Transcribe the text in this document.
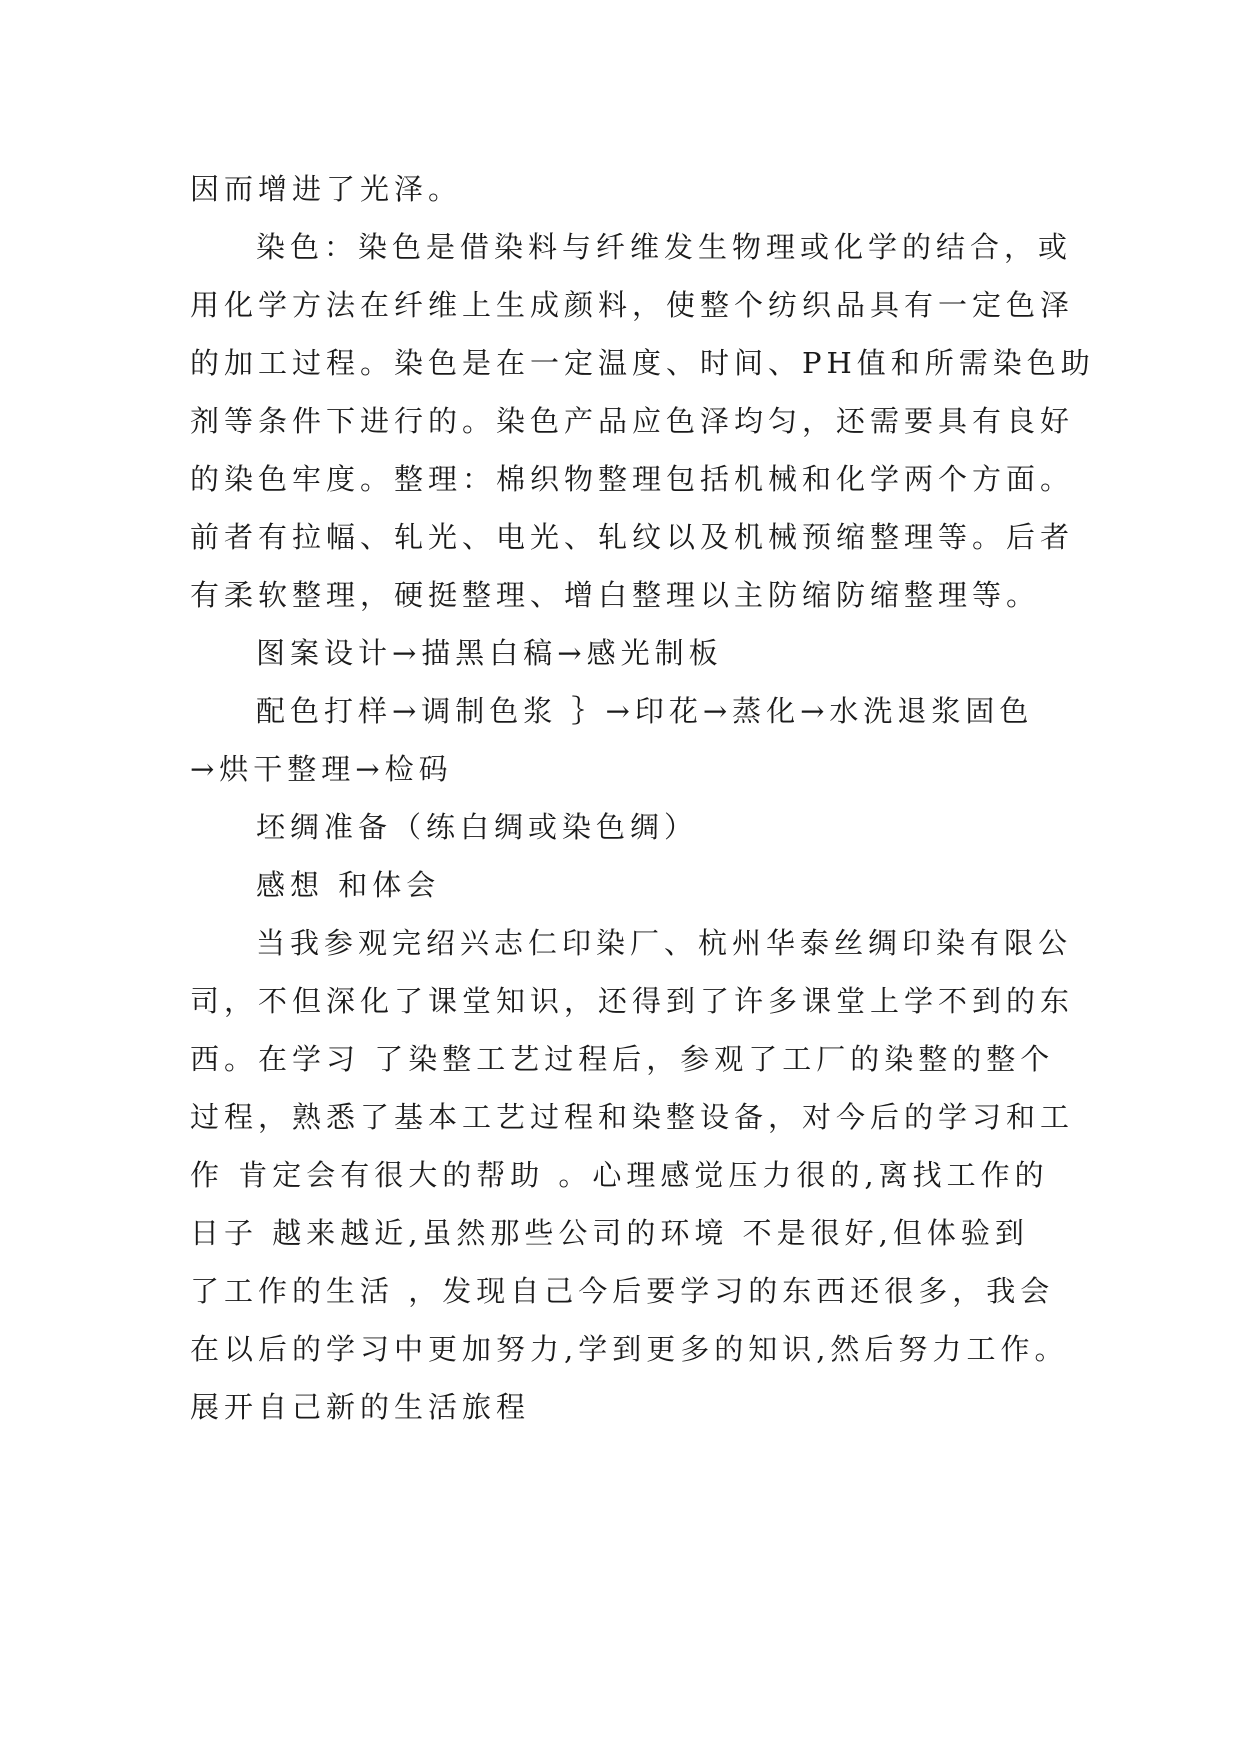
因而增进了光泽。
染色：染色是借染料与纤维发生物理或化学的结合，或
用化学方法在纤维上生成颜料，使整个纺织品具有一定色泽
的加工过程。染色是在一定温度、时间、PH值和所需染色助
剂等条件下进行的。染色产品应色泽均匀，还需要具有良好
的染色牢度。整理：棉织物整理包括机械和化学两个方面。
前者有拉幅、轧光、电光、轧纹以及机械预缩整理等。后者
有柔软整理，硬挺整理、增白整理以主防缩防缩整理等。
图案设计→描黑白稿→感光制板
配色打样→调制色浆 ｝→印花→蒸化→水洗退浆固色
→烘干整理→检码
坯绸准备（练白绸或染色绸）
感想 和体会
当我参观完绍兴志仁印染厂、杭州华泰丝绸印染有限公
司，不但深化了课堂知识，还得到了许多课堂上学不到的东
西。在学习 了染整工艺过程后，参观了工厂的染整的整个
过程，熟悉了基本工艺过程和染整设备，对今后的学习和工
作 肯定会有很大的帮助 。心理感觉压力很的,离找工作的
日子 越来越近,虽然那些公司的环境 不是很好,但体验到
了工作的生活 ，发现自己今后要学习的东西还很多，我会
在以后的学习中更加努力,学到更多的知识,然后努力工作。
展开自己新的生活旅程
